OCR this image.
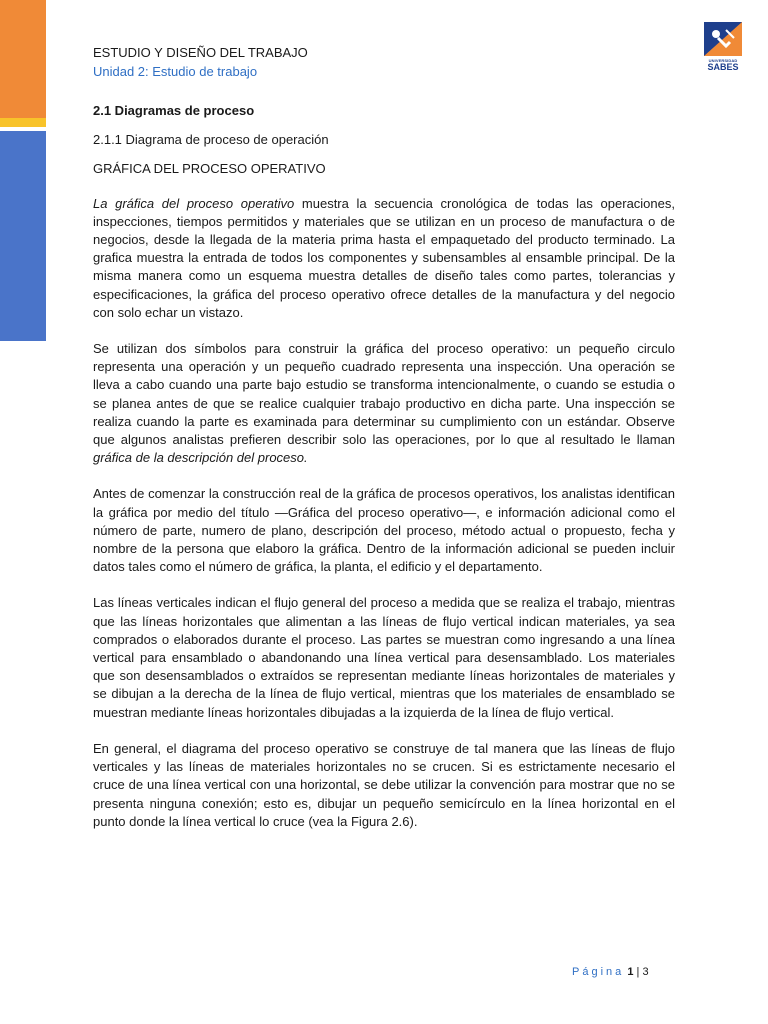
UNIVERSIDAD
SABES
ESTUDIO Y DISEÑO DEL TRABAJO
Unidad 2: Estudio de trabajo

2.1 Diagramas de proceso

2.1.1 Diagrama de proceso de operación

GRÁFICA DEL PROCESO OPERATIVO

La gráfica del proceso operativo muestra la secuencia cronológica de todas las operaciones, inspecciones, tiempos permitidos y materiales que se utilizan en un proceso de manufactura o de negocios, desde la llegada de la materia prima hasta el empaquetado del producto terminado. La grafica muestra la entrada de todos los componentes y subensambles al ensamble principal. De la misma manera como un esquema muestra detalles de diseño tales como partes, tolerancias y especificaciones, la gráfica del proceso operativo ofrece detalles de la manufactura y del negocio con solo echar un vistazo.

Se utilizan dos símbolos para construir la gráfica del proceso operativo: un pequeño circulo representa una operación y un pequeño cuadrado representa una inspección. Una operación se lleva a cabo cuando una parte bajo estudio se transforma intencionalmente, o cuando se estudia o se planea antes de que se realice cualquier trabajo productivo en dicha parte. Una inspección se realiza cuando la parte es examinada para determinar su cumplimiento con un estándar. Observe que algunos analistas prefieren describir solo las operaciones, por lo que al resultado le llaman gráfica de la descripción del proceso.

Antes de comenzar la construcción real de la gráfica de procesos operativos, los analistas identifican la gráfica por medio del título —Gráfica del proceso operativo—, e información adicional como el número de parte, numero de plano, descripción del proceso, método actual o propuesto, fecha y nombre de la persona que elaboro la gráfica. Dentro de la información adicional se pueden incluir datos tales como el número de gráfica, la planta, el edificio y el departamento.

Las líneas verticales indican el flujo general del proceso a medida que se realiza el trabajo, mientras que las líneas horizontales que alimentan a las líneas de flujo vertical indican materiales, ya sea comprados o elaborados durante el proceso. Las partes se muestran como ingresando a una línea vertical para ensamblado o abandonando una línea vertical para desensamblado. Los materiales que son desensamblados o extraídos se representan mediante líneas horizontales de materiales y se dibujan a la derecha de la línea de flujo vertical, mientras que los materiales de ensamblado se muestran mediante líneas horizontales dibujadas a la izquierda de la línea de flujo vertical.

En general, el diagrama del proceso operativo se construye de tal manera que las líneas de flujo verticales y las líneas de materiales horizontales no se crucen. Si es estrictamente necesario el cruce de una línea vertical con una horizontal, se debe utilizar la convención para mostrar que no se presenta ninguna conexión; esto es, dibujar un pequeño semicírculo en la línea horizontal en el punto donde la línea vertical lo cruce (vea la Figura 2.6).

Página 1 | 3
